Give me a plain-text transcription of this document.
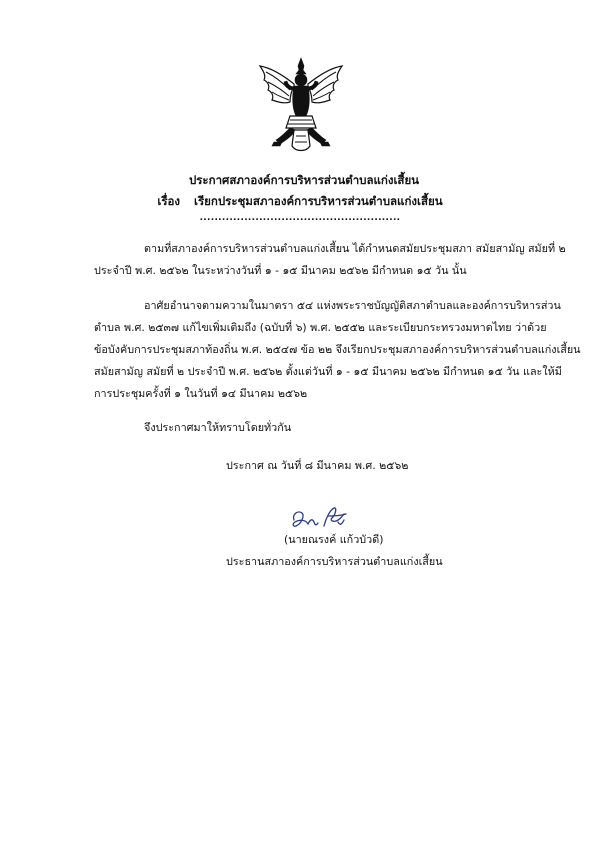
ประกาศสภาองค์การบริหารส่วนตำบลแก่งเสี้ยน
เรื่อง เรียกประชุมสภาองค์การบริหารส่วนตำบลแก่งเสี้ยน
......................................................
ตามที่สภาองค์การบริหารส่วนตำบลแก่งเสี้ยน ได้กำหนดสมัยประชุมสภา สมัยสามัญ สมัยที่ ๒
ประจำปี พ.ศ. ๒๕๖๒ ในระหว่างวันที่ ๑ - ๑๕ มีนาคม ๒๕๖๒ มีกำหนด ๑๕ วัน นั้น
อาศัยอำนาจตามความในมาตรา ๕๔ แห่งพระราชบัญญัติสภาตำบลและองค์การบริหารส่วน
ตำบล พ.ศ. ๒๕๓๗ แก้ไขเพิ่มเติมถึง (ฉบับที่ ๖) พ.ศ. ๒๕๕๒ และระเบียบกระทรวงมหาดไทย ว่าด้วย
ข้อบังคับการประชุมสภาท้องถิ่น พ.ศ. ๒๕๔๗ ข้อ ๒๒ จึงเรียกประชุมสภาองค์การบริหารส่วนตำบลแก่งเสี้ยน
สมัยสามัญ สมัยที่ ๒ ประจำปี พ.ศ. ๒๕๖๒ ตั้งแต่วันที่ ๑ - ๑๕ มีนาคม ๒๕๖๒ มีกำหนด ๑๕ วัน และให้มี
การประชุมครั้งที่ ๑ ในวันที่ ๑๔ มีนาคม ๒๕๖๒
จึงประกาศมาให้ทราบโดยทั่วกัน
ประกาศ ณ วันที่ ๘ มีนาคม พ.ศ. ๒๕๖๒
(นายณรงค์ แก้วบัวดี)
ประธานสภาองค์การบริหารส่วนตำบลแก่งเสี้ยน
